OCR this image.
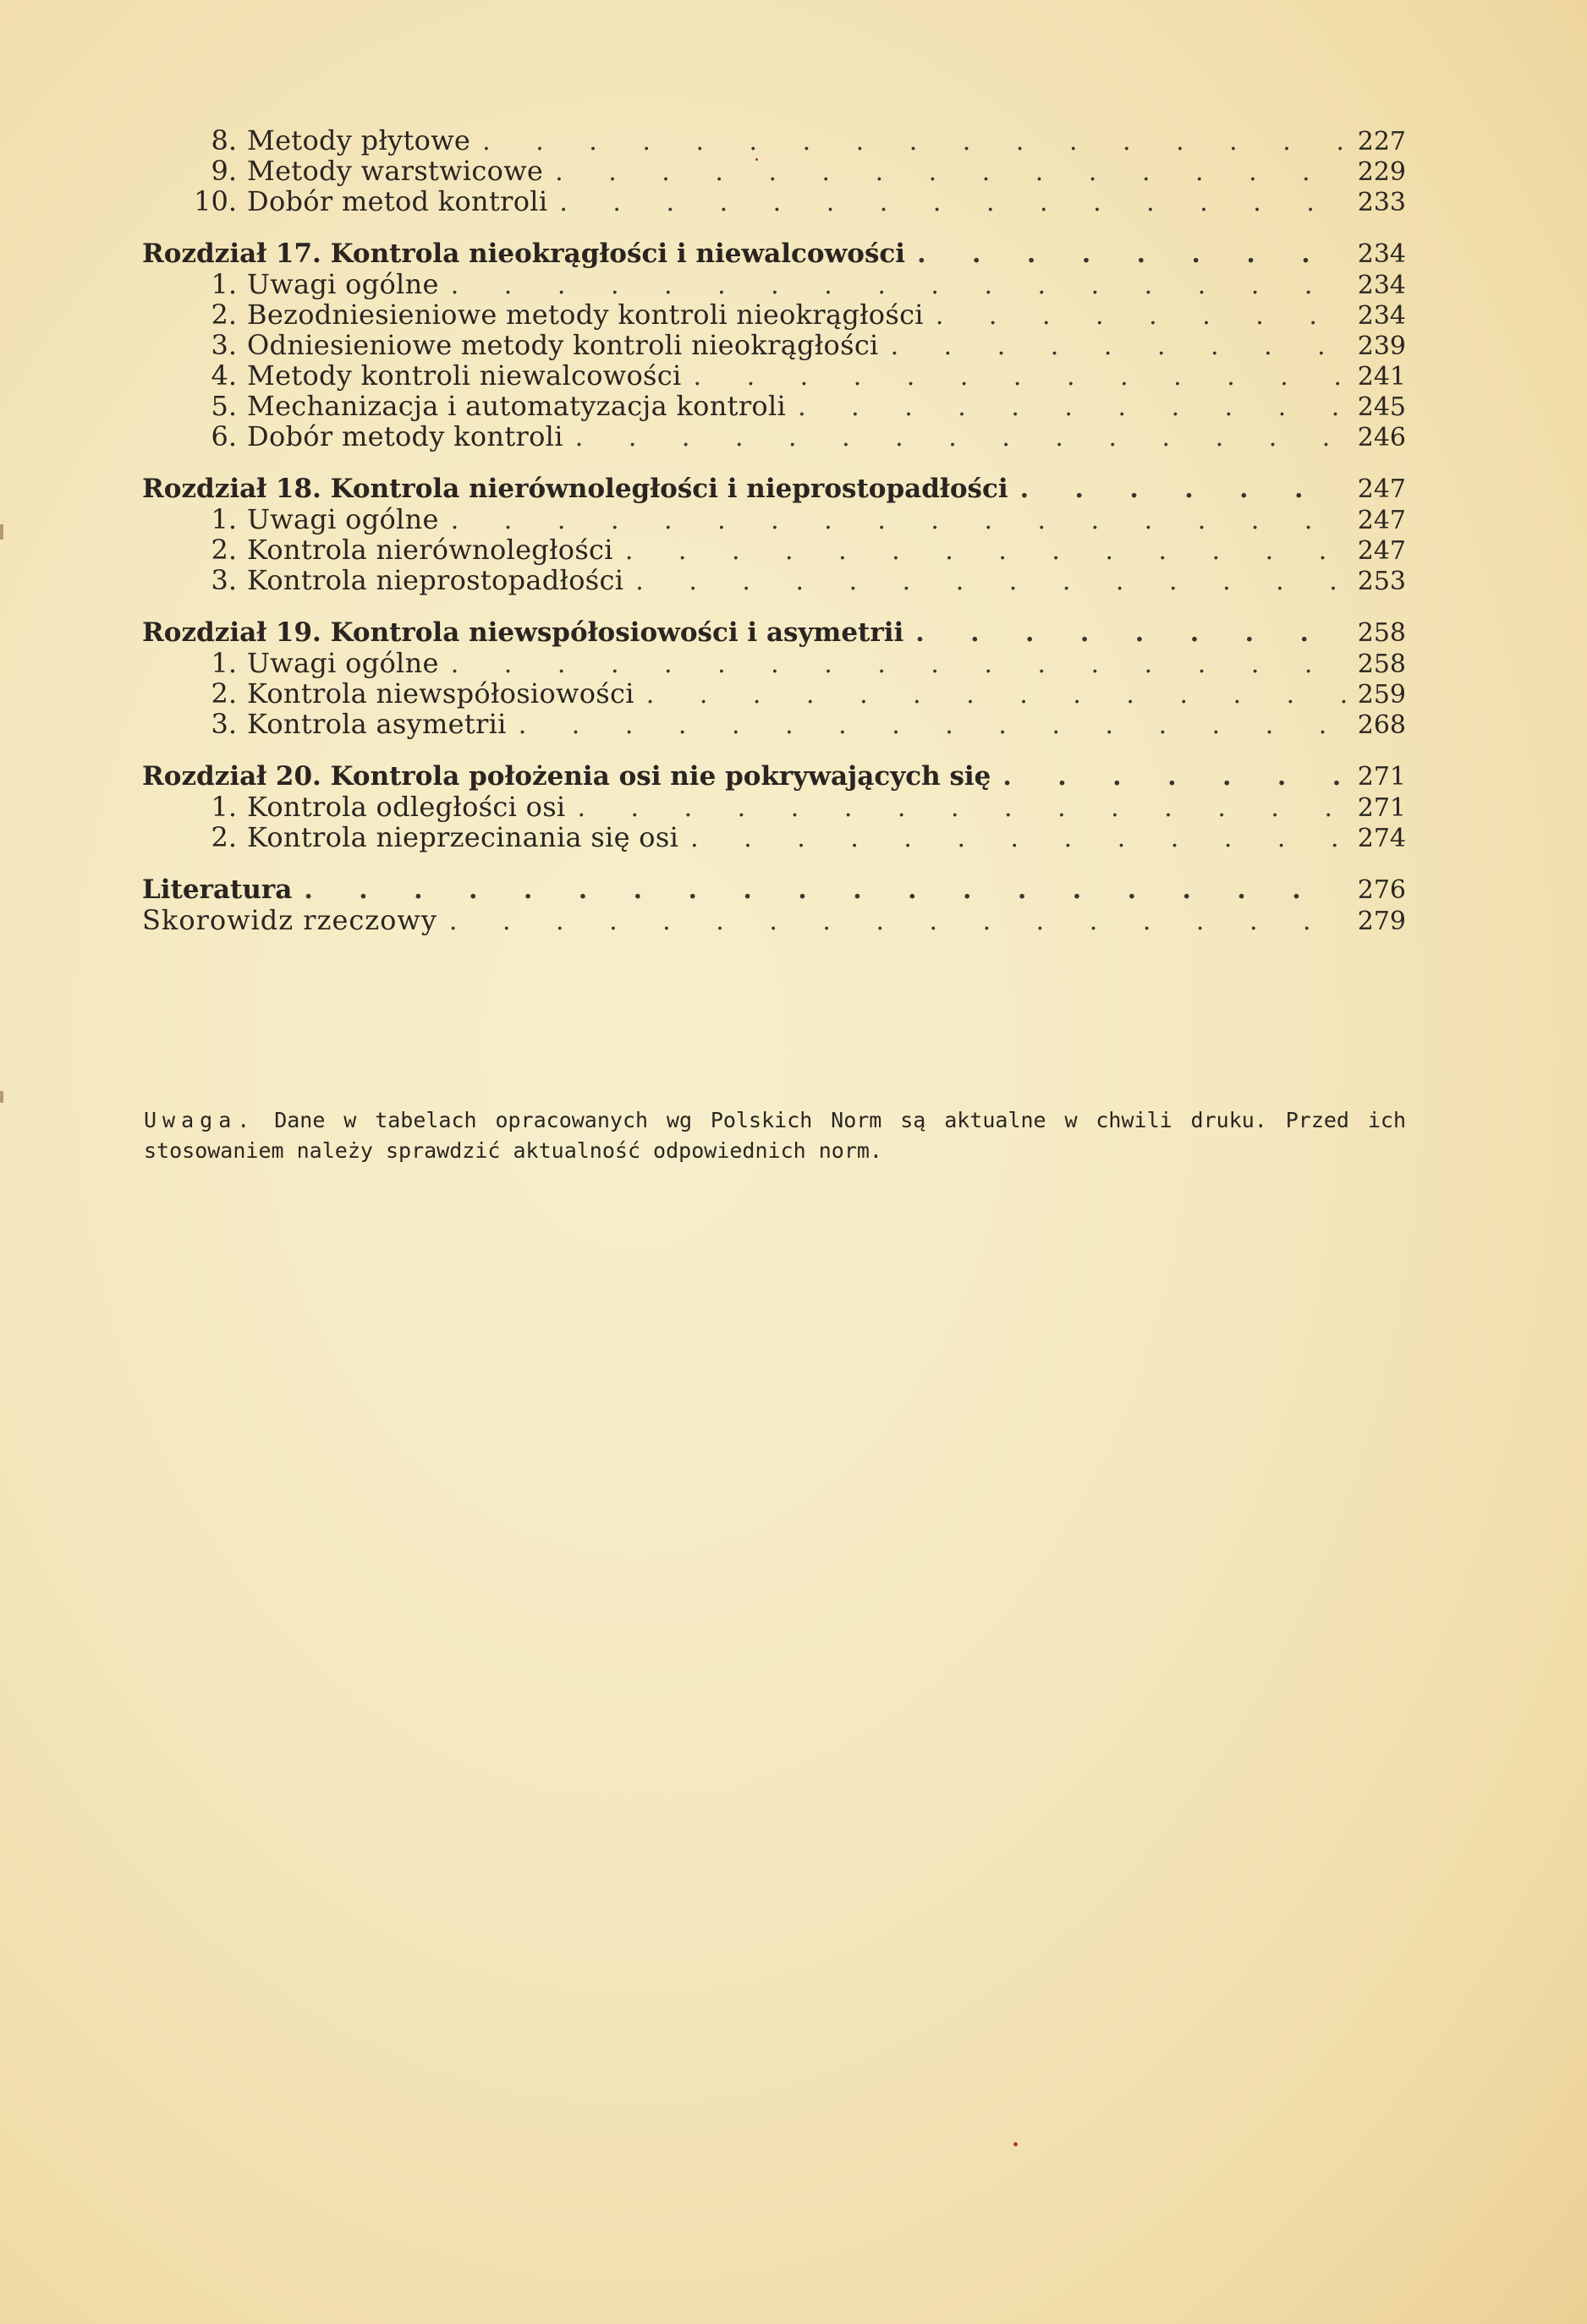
8. Metody płytowe . . .	227
9. Metody warstwicowe . . .	229
10. Dobór metod kontroli . . .	233
Rozdział 17. Kontrola nieokrągłości i niewalcowości . . .	234
1. Uwagi ogólne . . .	234
2. Bezodniesieniowe metody kontroli nieokrągłości . . .	234
3. Odniesieniowe metody kontroli nieokrągłości . . .	239
4. Metody kontroli niewalcowości . . .	241
5. Mechanizacja i automatyzacja kontroli . . .	245
6. Dobór metody kontroli . . .	246
Rozdział 18. Kontrola nierównoległości i nieprostopadłości . . .	247
1. Uwagi ogólne . . .	247
2. Kontrola nierównoległości . . .	247
3. Kontrola nieprostopadłości . . .	253
Rozdział 19. Kontrola niewspółosiowości i asymetrii . . .	258
1. Uwagi ogólne . . .	258
2. Kontrola niewspółosiowości . . .	259
3. Kontrola asymetrii . . .	268
Rozdział 20. Kontrola położenia osi nie pokrywających się . . .	271
1. Kontrola odległości osi . . .	271
2. Kontrola nieprzecinania się osi . . .	274
Literatura . . .	276
Skorowidz rzeczowy . . .	279
Uwaga. Dane w tabelach opracowanych wg Polskich Norm są aktualne w chwili druku. Przed ich stosowaniem należy sprawdzić aktualność odpowiednich norm.
